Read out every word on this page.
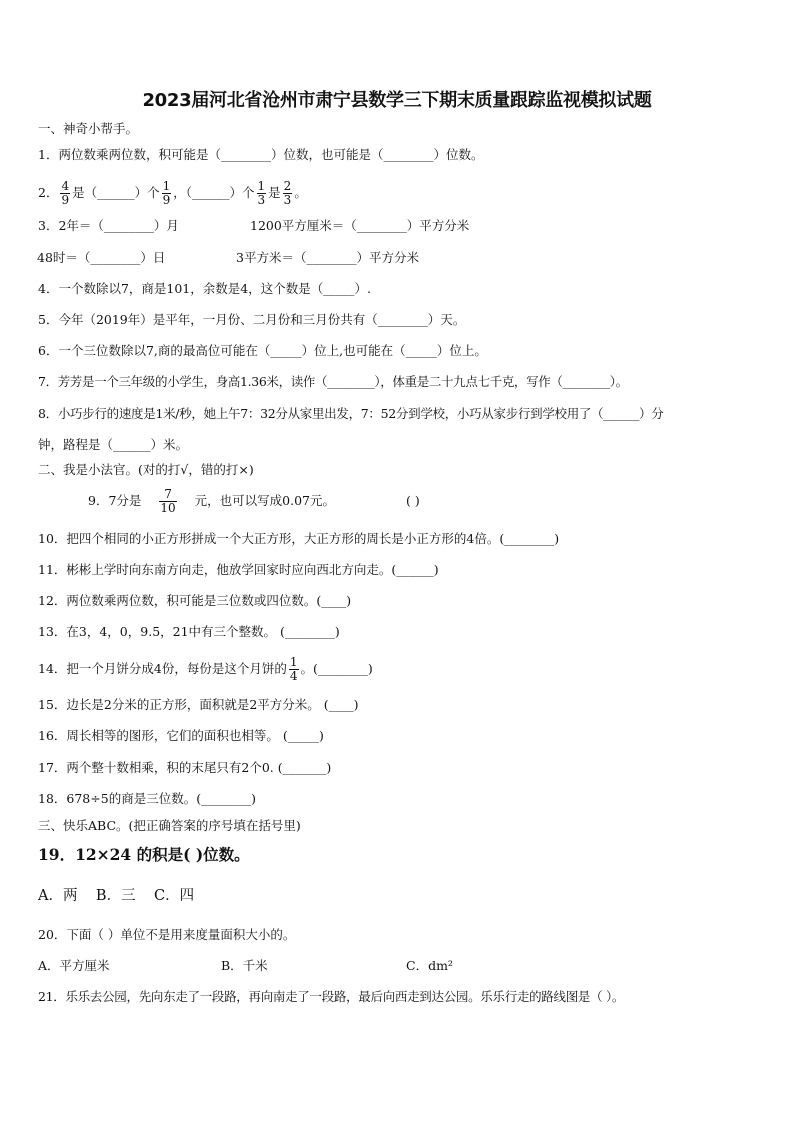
2023届河北省沧州市肃宁县数学三下期末质量跟踪监视模拟试题
一、神奇小帮手。
1．两位数乘两位数，积可能是（________）位数，也可能是（________）位数。
2． $\frac{4}{9}$ 是（______）个 $\frac{1}{9}$ ，（______）个 $\frac{1}{3}$ 是 $\frac{2}{3}$ 。
3．2年＝（________）月	1200平方厘米＝（________）平方分米
48时＝（________）日	3平方米＝（________）平方分米
4．一个数除以7，商是101，余数是4，这个数是（_____）.
5．今年（2019年）是平年，一月份、二月份和三月份共有（________）天。
6．一个三位数除以7,商的最高位可能在（_____）位上,也可能在（_____）位上。
7．芳芳是一个三年级的小学生，身高1.36米，读作（________），体重是二十九点七千克，写作（________）。
8．小巧步行的速度是1米/秒，她上午7：32分从家里出发，7：52分到学校，小巧从家步行到学校用了（______）分
钟，路程是（______）米。
二、我是小法官。(对的打√，错的打×)
9．7分是 $\frac{7}{10}$ 元，也可以写成0.07元。	( )
10．把四个相同的小正方形拼成一个大正方形，大正方形的周长是小正方形的4倍。(________)
11．彬彬上学时向东南方向走，他放学回家时应向西北方向走。(______)
12．两位数乘两位数，积可能是三位数或四位数。(____)
13．在3，4，0，9.5，21中有三个整数。 (________)
14．把一个月饼分成4份，每份是这个月饼的 $\frac{1}{4}$ 。(________)
15．边长是2分米的正方形，面积就是2平方分米。 (____)
16．周长相等的图形，它们的面积也相等。 (_____)
17．两个整十数相乘，积的末尾只有2个0. (_______)
18．678÷5的商是三位数。(________)
三、快乐ABC。(把正确答案的序号填在括号里)
19．12×24 的积是( )位数。
A．两    B．三    C．四
20．下面（ ）单位不是用来度量面积大小的。
A．平方厘米	B．千米	C．dm²
21．乐乐去公园，先向东走了一段路，再向南走了一段路，最后向西走到达公园。乐乐行走的路线图是（ ）。
